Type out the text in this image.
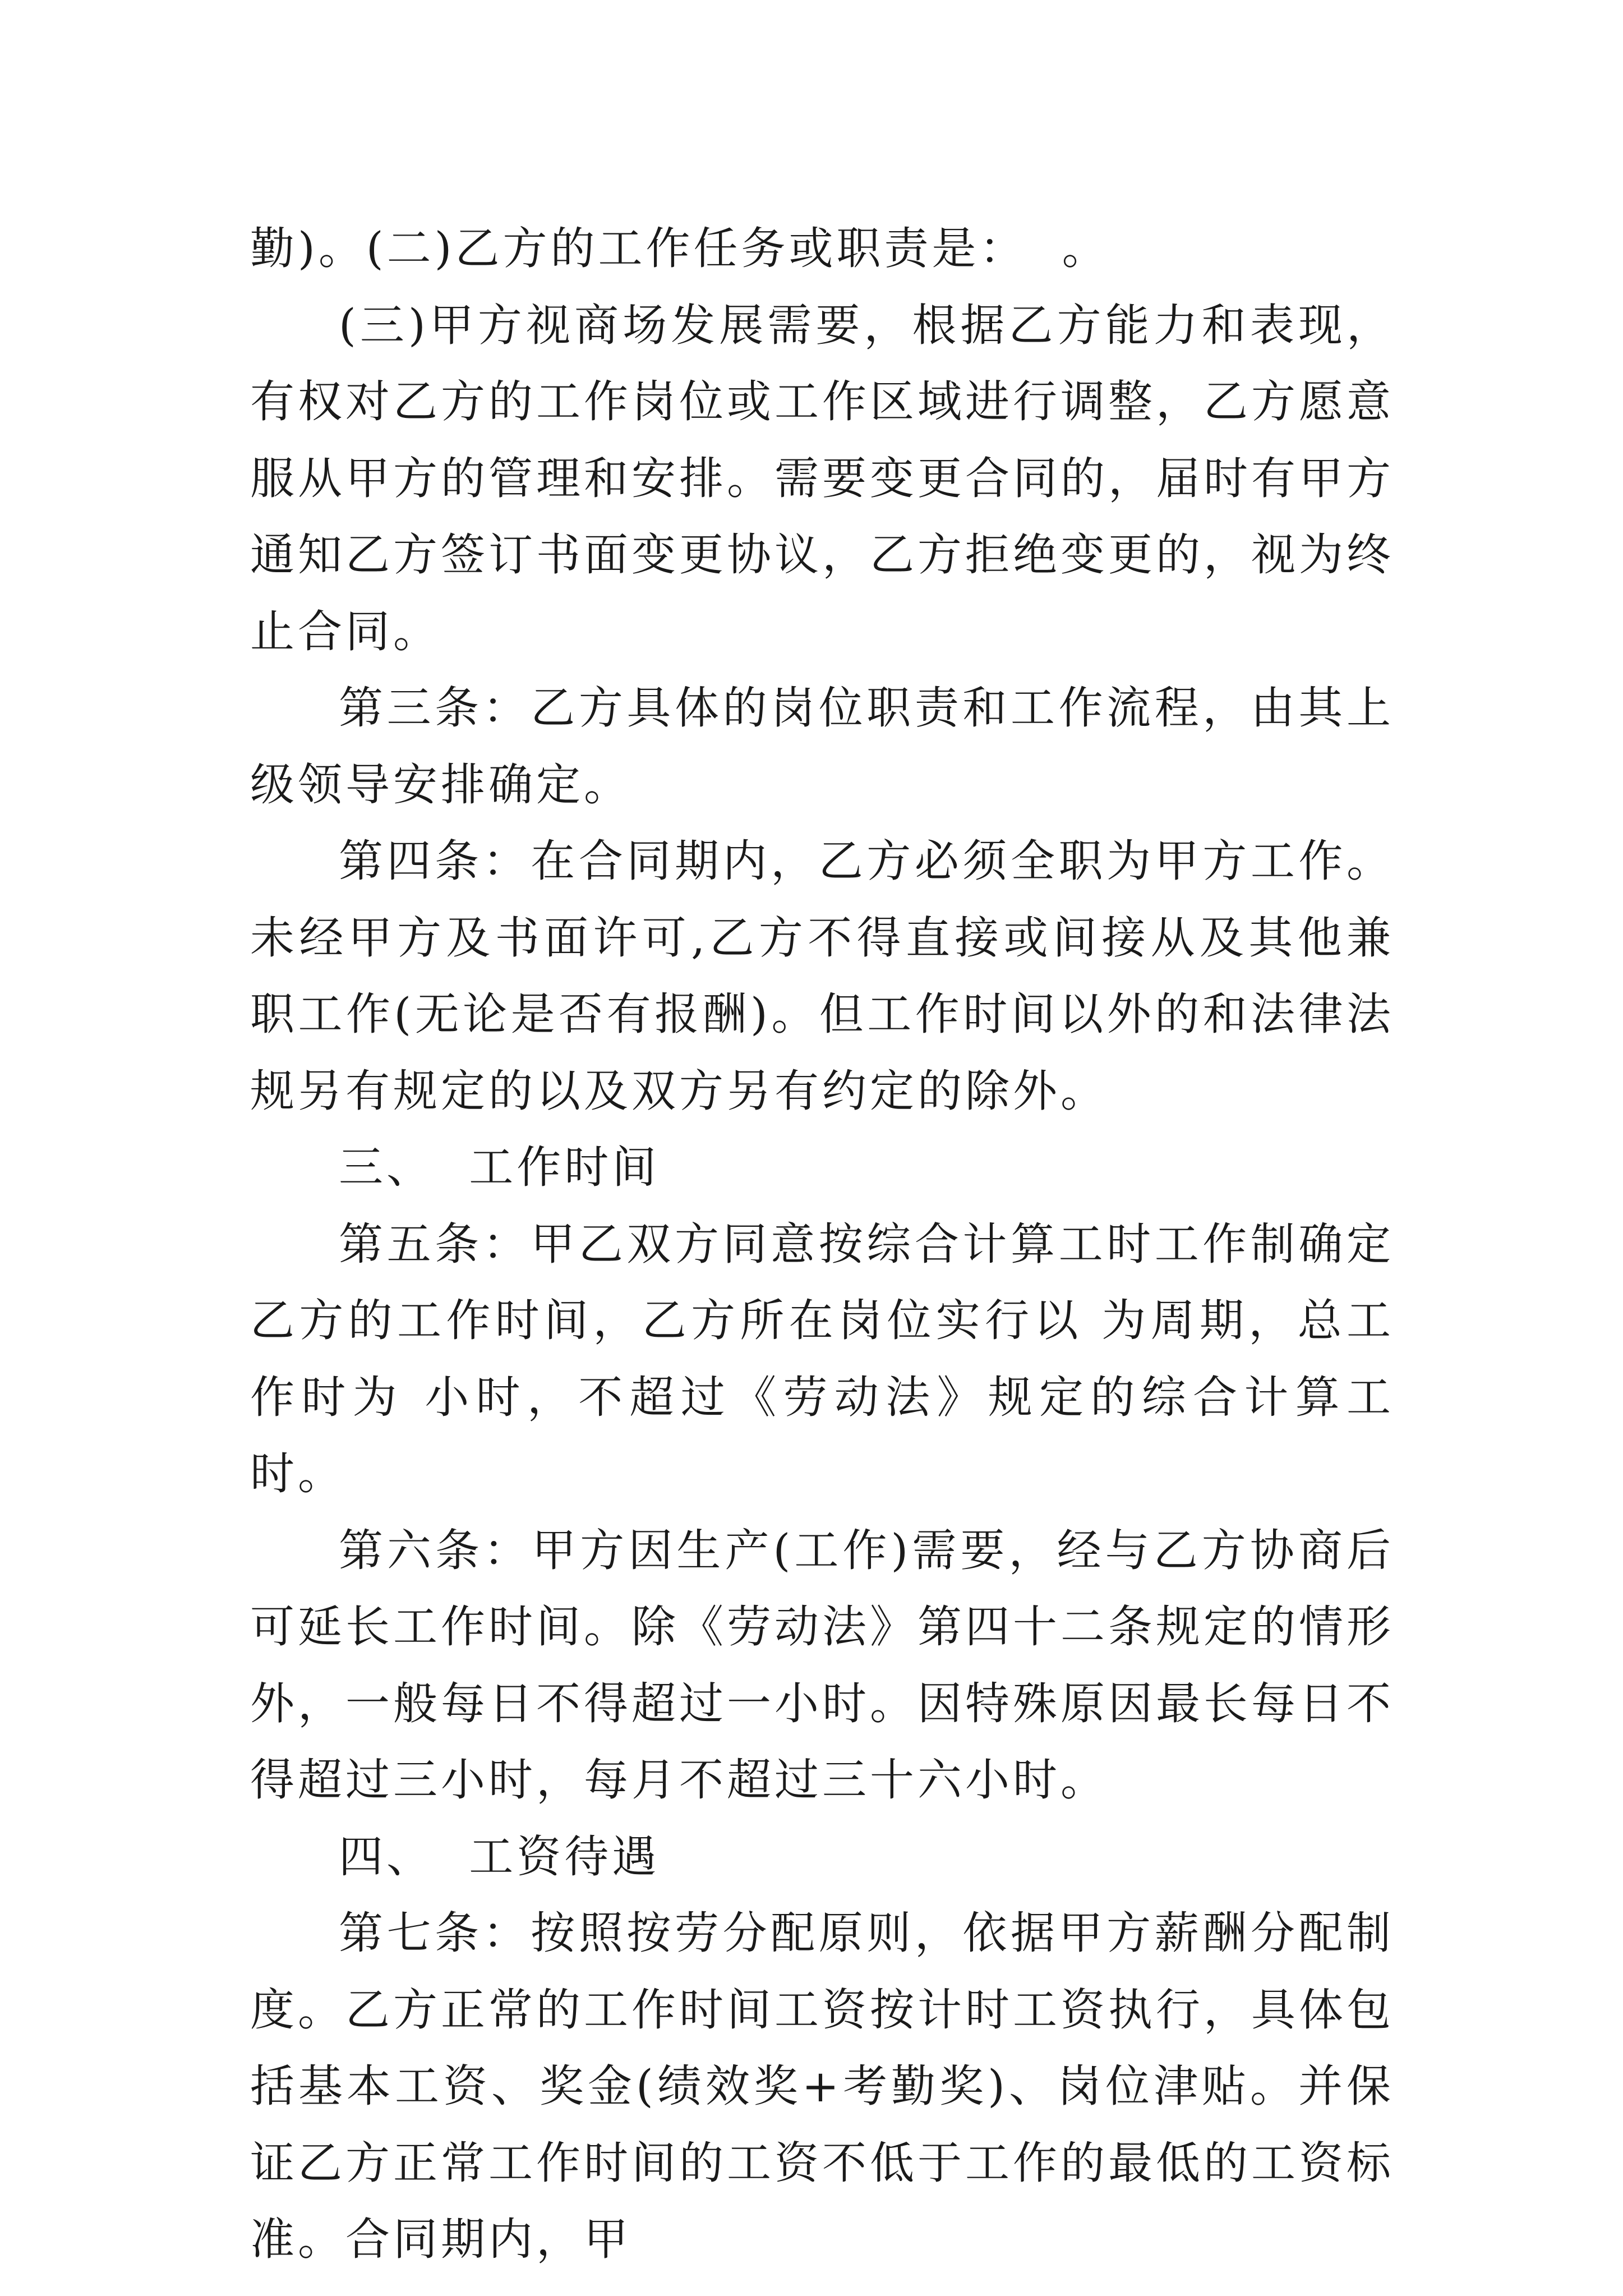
勤)。(二)乙方的工作任务或职责是：  。

(三)甲方视商场发展需要，根据乙方能力和表现，有权对乙方的工作岗位或工作区域进行调整，乙方愿意服从甲方的管理和安排。需要变更合同的，届时有甲方通知乙方签订书面变更协议，乙方拒绝变更的，视为终止合同。

第三条：乙方具体的岗位职责和工作流程，由其上级领导安排确定。

第四条：在合同期内，乙方必须全职为甲方工作。未经甲方及书面许可,乙方不得直接或间接从及其他兼职工作(无论是否有报酬)。但工作时间以外的和法律法规另有规定的以及双方另有约定的除外。

三、  工作时间

第五条：甲乙双方同意按综合计算工时工作制确定乙方的工作时间，乙方所在岗位实行以 为周期，总工作时为 小时，不超过《劳动法》规定的综合计算工时。

第六条：甲方因生产(工作)需要，经与乙方协商后可延长工作时间。除《劳动法》第四十二条规定的情形外，一般每日不得超过一小时。因特殊原因最长每日不得超过三小时，每月不超过三十六小时。

四、  工资待遇

第七条：按照按劳分配原则，依据甲方薪酬分配制度。乙方正常的工作时间工资按计时工资执行，具体包括基本工资、奖金(绩效奖+考勤奖)、岗位津贴。并保证乙方正常工作时间的工资不低于工作的最低的工资标准。合同期内，甲
